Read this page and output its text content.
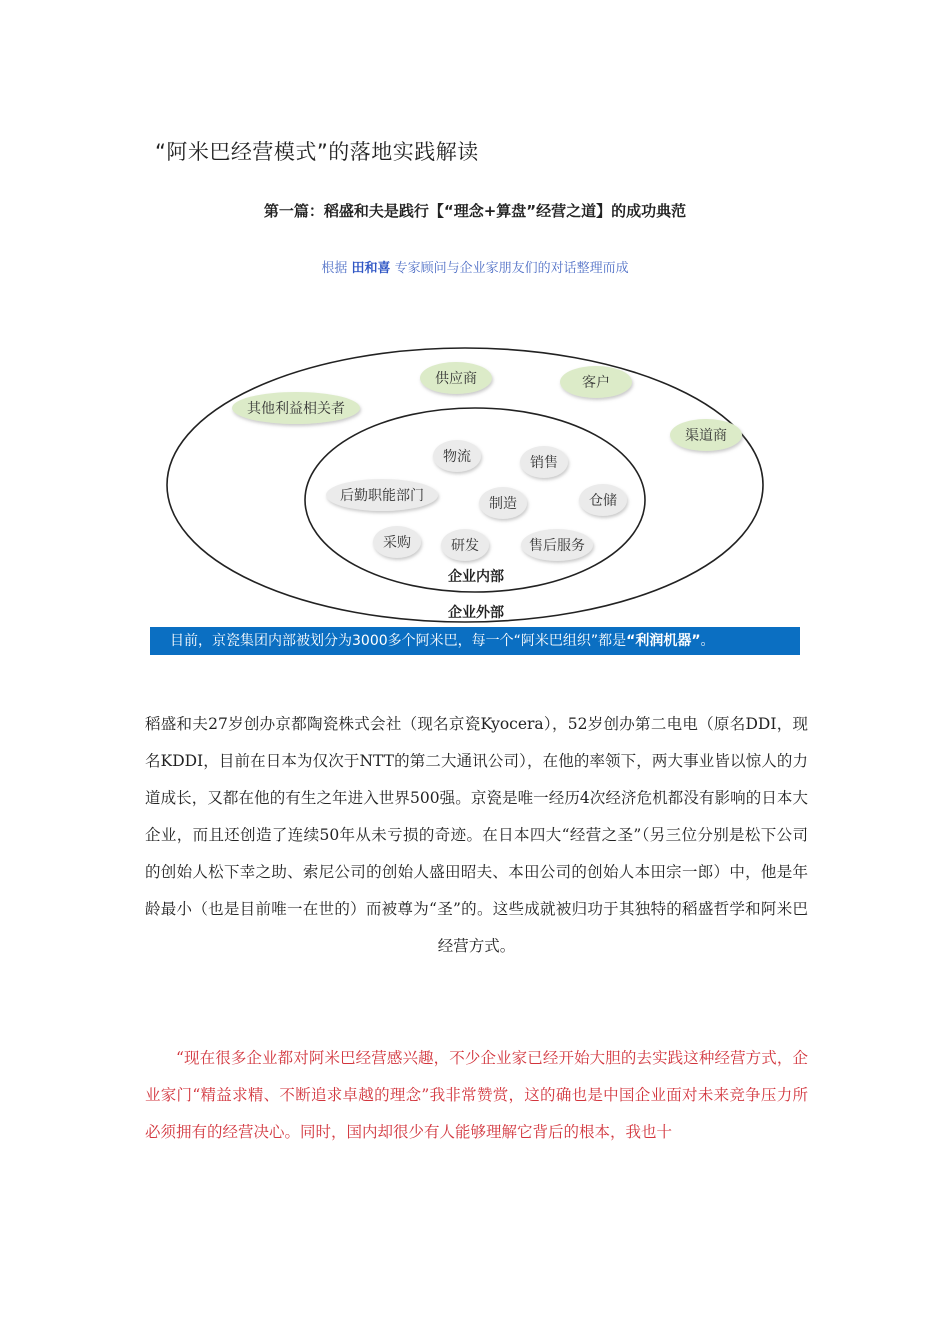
“阿米巴经营模式”的落地实践解读
第一篇：稻盛和夫是践行【“理念+算盘”经营之道】的成功典范
根据 田和喜 专家顾问与企业家朋友们的对话整理而成
其他利益相关者
供应商	客户
渠道商
物流	销售
后勤职能部门	制造	仓储
采购	研发	售后服务
企业内部
企业外部
目前，京瓷集团内部被划分为3000多个阿米巴，每一个“阿米巴组织”都是“利润机器”。
稻盛和夫27岁创办京都陶瓷株式会社（现名京瓷Kyocera），52岁创办第二电电（原名DDI，现名KDDI，目前在日本为仅次于NTT的第二大通讯公司），在他的率领下，两大事业皆以惊人的力道成长，又都在他的有生之年进入世界500强。京瓷是唯一经历4次经济危机都没有影响的日本大企业，而且还创造了连续50年从未亏损的奇迹。在日本四大“经营之圣”（另三位分别是松下公司的创始人松下幸之助、索尼公司的创始人盛田昭夫、本田公司的创始人本田宗一郎）中，他是年龄最小（也是目前唯一在世的）而被尊为“圣”的。这些成就被归功于其独特的稻盛哲学和阿米巴经营方式。
“现在很多企业都对阿米巴经营感兴趣，不少企业家已经开始大胆的去实践这种经营方式，企业家门“精益求精、不断追求卓越的理念”我非常赞赏，这的确也是中国企业面对未来竞争压力所必须拥有的经营决心。同时，国内却很少有人能够理解它背后的根本，我也十
